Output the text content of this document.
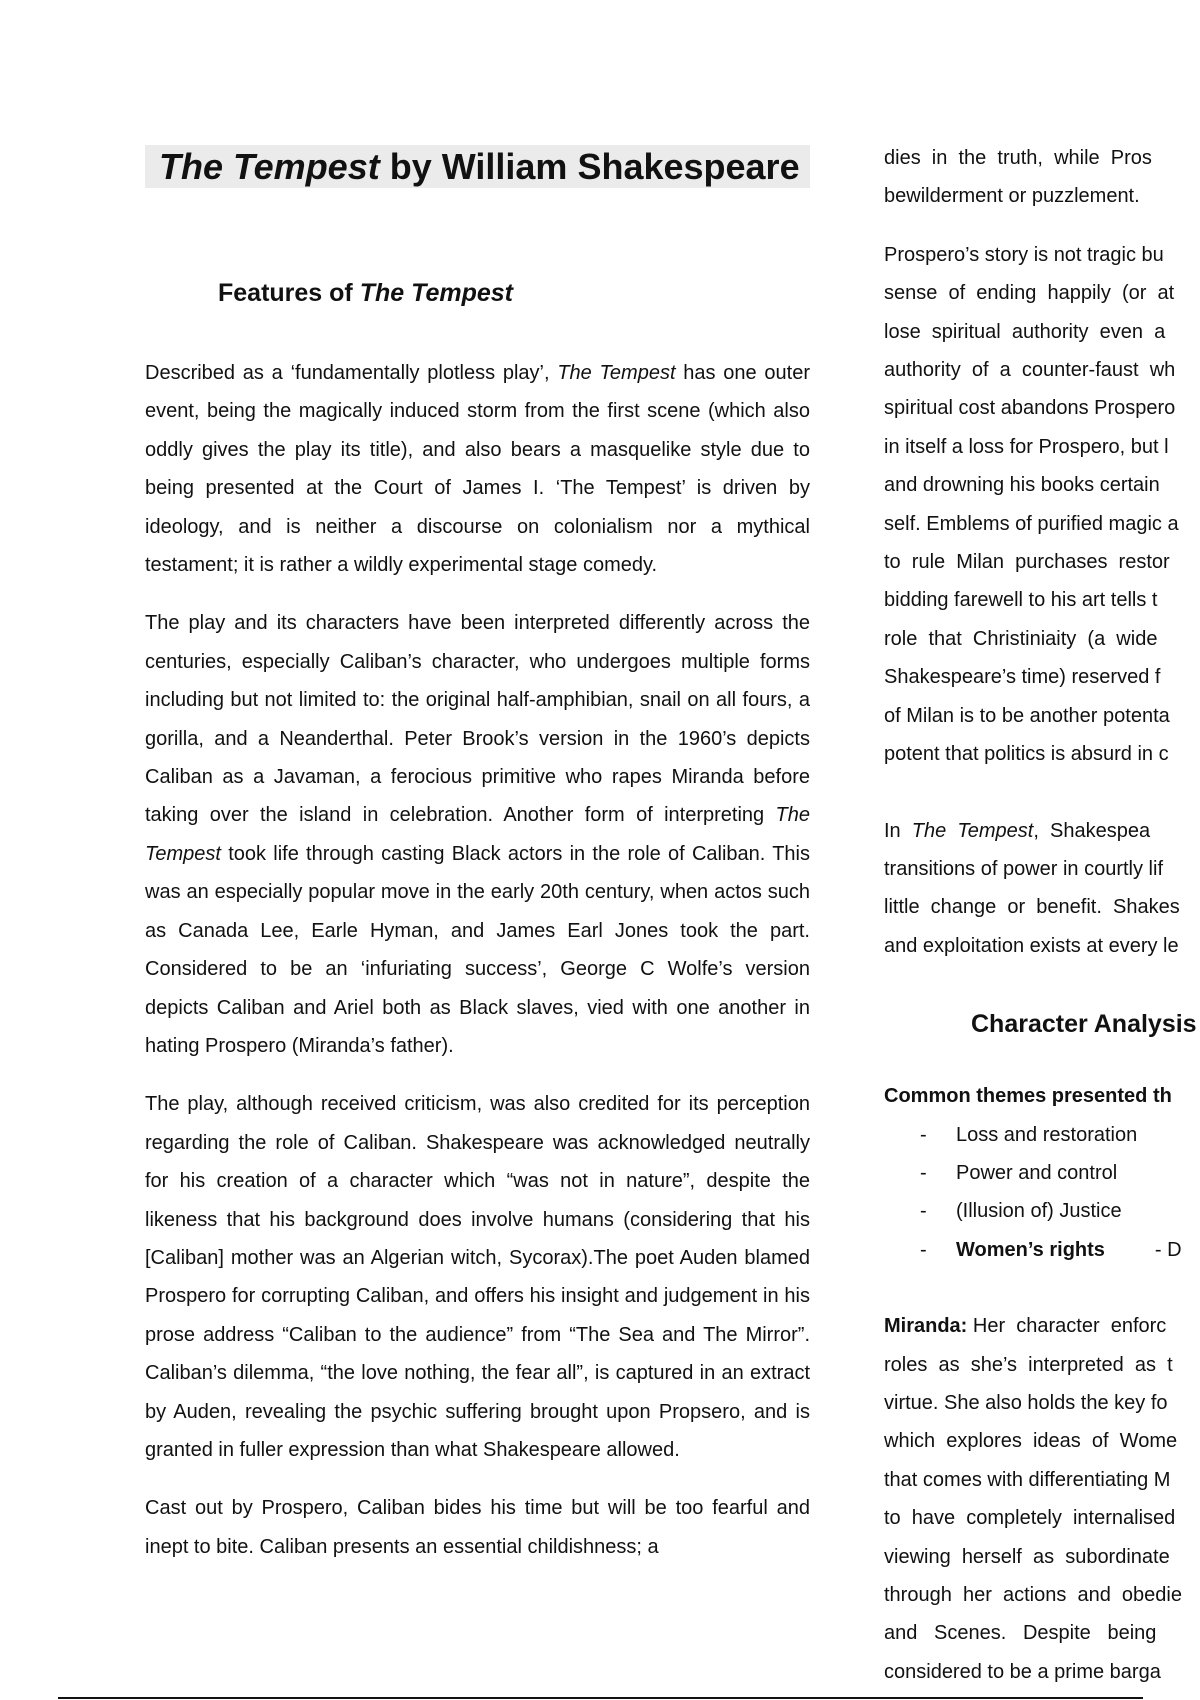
The Tempest by William Shakespeare
Features of The Tempest

Described as a ‘fundamentally plotless play’, The Tempest has one outer event, being the magically induced storm from the first scene (which also oddly gives the play its title), and also bears a masquelike style due to being presented at the Court of James I. ‘The Tempest’ is driven by ideology, and is neither a discourse on colonialism nor a mythical testament; it is rather a wildly experimental stage comedy.

The play and its characters have been interpreted differently across the centuries, especially Caliban’s character, who undergoes multiple forms including but not limited to: the original half-amphibian, snail on all fours, a gorilla, and a Neanderthal. Peter Brook’s version in the 1960’s depicts Caliban as a Javaman, a ferocious primitive who rapes Miranda before taking over the island in celebration. Another form of interpreting The Tempest took life through casting Black actors in the role of Caliban. This was an especially popular move in the early 20th century, when actos such as Canada Lee, Earle Hyman, and James Earl Jones took the part. Considered to be an ‘infuriating success’, George C Wolfe’s version depicts Caliban and Ariel both as Black slaves, vied with one another in hating Prospero (Miranda’s father).

The play, although received criticism, was also credited for its perception regarding the role of Caliban. Shakespeare was acknowledged neutrally for his creation of a character which “was not in nature”, despite the likeness that his background does involve humans (considering that his [Caliban] mother was an Algerian witch, Sycorax).The poet Auden blamed Prospero for corrupting Caliban, and offers his insight and judgement in his prose address “Caliban to the audience” from “The Sea and The Mirror”. Caliban’s dilemma, “the love nothing, the fear all”, is captured in an extract by Auden, revealing the psychic suffering brought upon Propsero, and is granted in fuller expression than what Shakespeare allowed.

Cast out by Prospero, Caliban bides his time but will be too fearful and inept to bite. Caliban presents an essential childishness; a

dies  in  the  truth,  while  Pros
bewilderment or puzzlement.
Prospero’s story is not tragic bu
sense  of  ending  happily  (or  at
lose  spiritual  authority  even  a
authority  of  a  counter-faust  wh
spiritual cost abandons Prospero
in itself a loss for Prospero, but l
and drowning his books certain
self. Emblems of purified magic a
to  rule  Milan  purchases  restor
bidding farewell to his art tells t
role  that  Christiniaity  (a  wide
Shakespeare’s time) reserved f
of Milan is to be another potenta
potent that politics is absurd in c
In  The  Tempest,  Shakespea
transitions of power in courtly lif
little  change  or  benefit.  Shakes
and exploitation exists at every le
Character Analysis
Common themes presented th
- Loss and restoration
- Power and control
- (Illusion of) Justice
- Women’s rights	- D
Miranda: Her  character  enforc
roles  as  she’s  interpreted  as  t
virtue. She also holds the key fo
which  explores  ideas  of  Wome
that comes with differentiating M
to  have  completely  internalised
viewing  herself  as  subordinate
through  her  actions  and  obedie
and   Scenes.   Despite   being
considered to be a prime barga
